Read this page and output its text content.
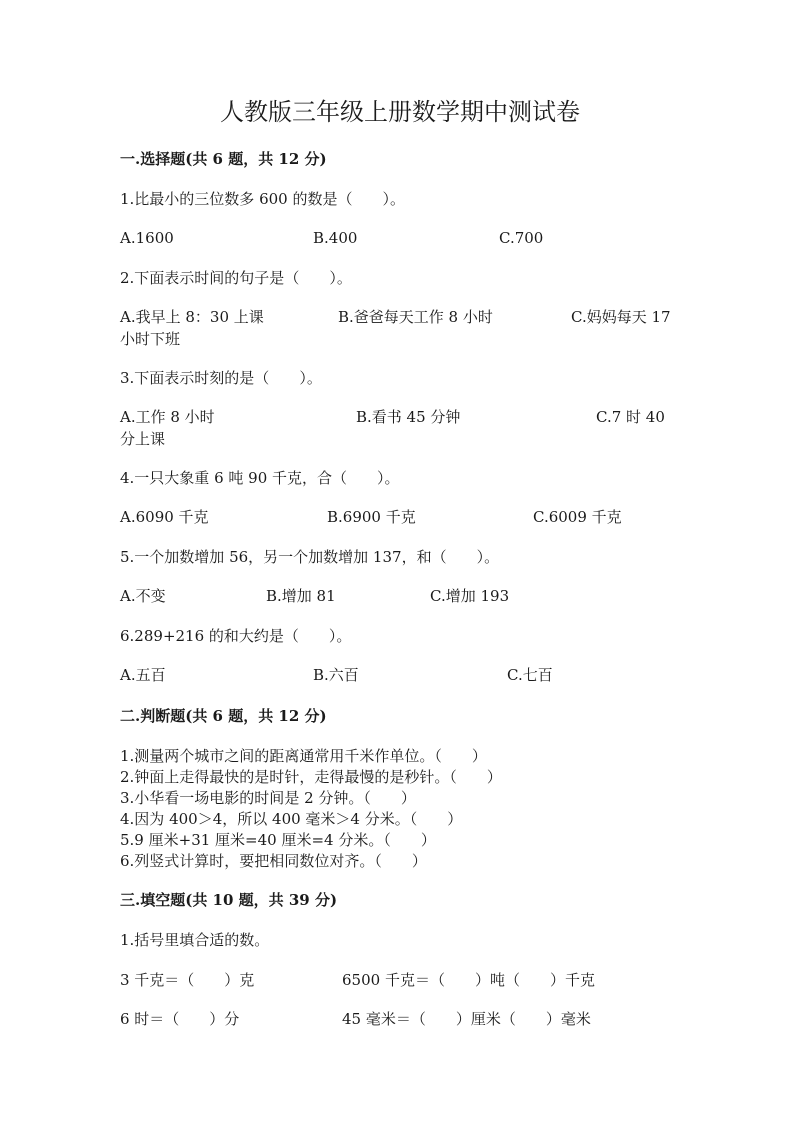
人教版三年级上册数学期中测试卷
一.选择题(共 6 题，共 12 分)
1.比最小的三位数多 600 的数是（　　）。
A.1600	B.400	C.700
2.下面表示时间的句子是（　　）。
A.我早上 8：30 上课	B.爸爸每天工作 8 小时	C.妈妈每天 17
小时下班
3.下面表示时刻的是（　　）。
A.工作 8 小时	B.看书 45 分钟	C.7 时 40
分上课
4.一只大象重 6 吨 90 千克，合（　　）。
A.6090 千克	B.6900 千克	C.6009 千克
5.一个加数增加 56，另一个加数增加 137，和（　　）。
A.不变	B.增加 81	C.增加 193
6.289+216 的和大约是（　　）。
A.五百	B.六百	C.七百
二.判断题(共 6 题，共 12 分)
1.测量两个城市之间的距离通常用千米作单位。（　　）
2.钟面上走得最快的是时针，走得最慢的是秒针。（　　）
3.小华看一场电影的时间是 2 分钟。（　　）
4.因为 400＞4，所以 400 毫米＞4 分米。（　　）
5.9 厘米+31 厘米=40 厘米=4 分米。（　　）
6.列竖式计算时，要把相同数位对齐。（　　）
三.填空题(共 10 题，共 39 分)
1.括号里填合适的数。
3 千克＝（　　）克	6500 千克＝（　　）吨（　　）千克
6 时＝（　　）分	45 毫米＝（　　）厘米（　　）毫米
